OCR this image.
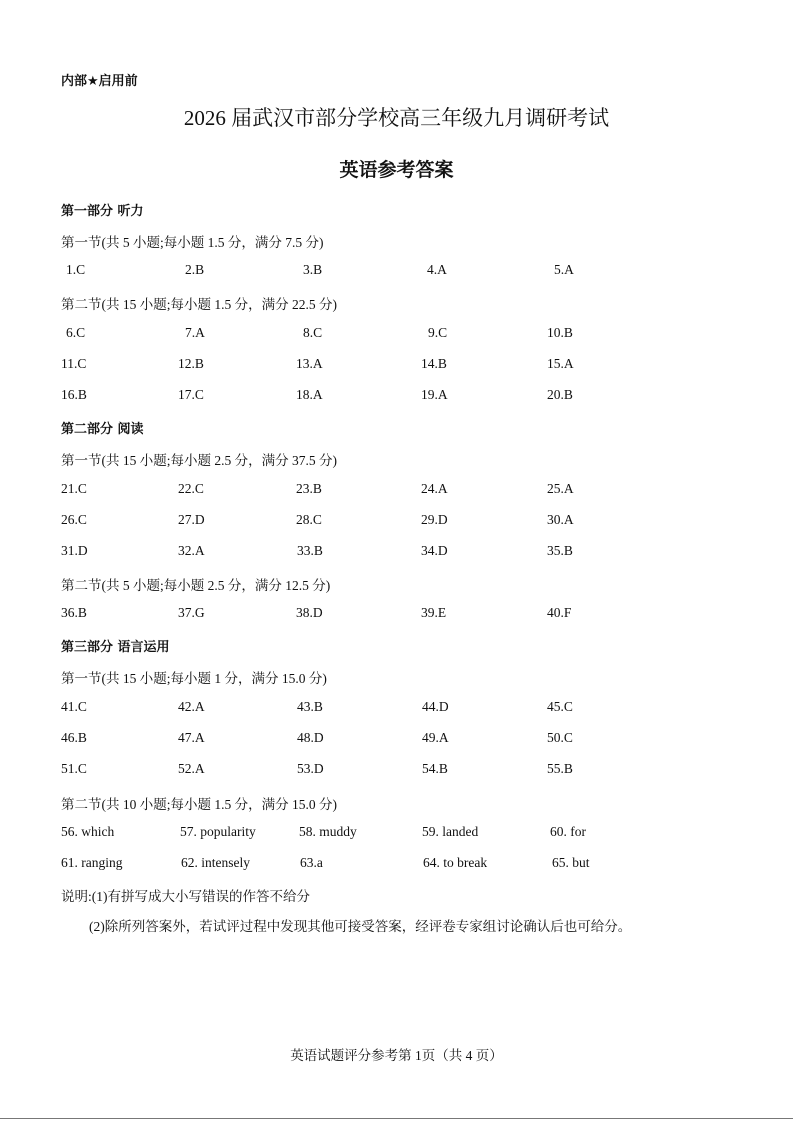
内部★启用前
2026 届武汉市部分学校高三年级九月调研考试
英语参考答案
第一部分 听力
第一节(共 5 小题;每小题 1.5 分，满分 7.5 分)
1.C	2.B	3.B	4.A	5.A
第二节(共 15 小题;每小题 1.5 分，满分 22.5 分)
6.C	7.A	8.C	9.C	10.B
11.C	12.B	13.A	14.B	15.A
16.B	17.C	18.A	19.A	20.B
第二部分 阅读
第一节(共 15 小题;每小题 2.5 分，满分 37.5 分)
21.C	22.C	23.B	24.A	25.A
26.C	27.D	28.C	29.D	30.A
31.D	32.A	33.B	34.D	35.B
第二节(共 5 小题;每小题 2.5 分，满分 12.5 分)
36.B	37.G	38.D	39.E	40.F
第三部分 语言运用
第一节(共 15 小题;每小题 1 分，满分 15.0 分)
41.C	42.A	43.B	44.D	45.C
46.B	47.A	48.D	49.A	50.C
51.C	52.A	53.D	54.B	55.B
第二节(共 10 小题;每小题 1.5 分，满分 15.0 分)
56. which	57. popularity	58. muddy	59. landed	60. for
61. ranging	62. intensely	63.a	64. to break	65. but
说明:(1)有拼写成大小写错误的作答不给分
(2)除所列答案外，若试评过程中发现其他可接受答案，经评卷专家组讨论确认后也可给分。
英语试题评分参考第 1页（共 4 页）
